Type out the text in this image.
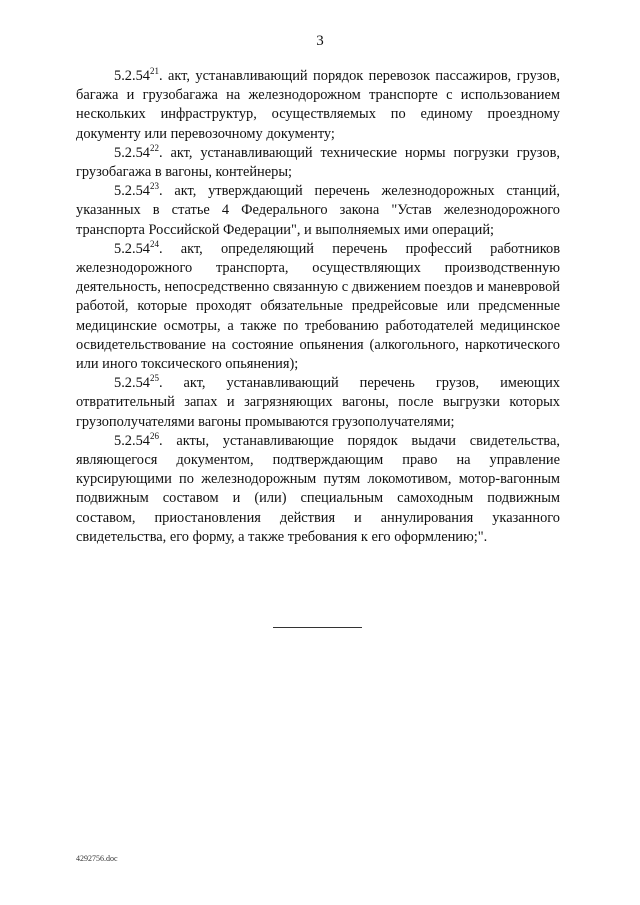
3

5.2.54$^{21}$. акт, устанавливающий порядок перевозок пассажиров, грузов, багажа и грузобагажа на железнодорожном транспорте с использованием нескольких инфраструктур, осуществляемых по единому проездному документу или перевозочному документу;

5.2.54$^{22}$. акт, устанавливающий технические нормы погрузки грузов, грузобагажа в вагоны, контейнеры;

5.2.54$^{23}$. акт, утверждающий перечень железнодорожных станций, указанных в статье 4 Федерального закона "Устав железнодорожного транспорта Российской Федерации", и выполняемых ими операций;

5.2.54$^{24}$. акт, определяющий перечень профессий работников железнодорожного транспорта, осуществляющих производственную деятельность, непосредственно связанную с движением поездов и маневровой работой, которые проходят обязательные предрейсовые или предсменные медицинские осмотры, а также по требованию работодателей медицинское освидетельствование на состояние опьянения (алкогольного, наркотического или иного токсического опьянения);

5.2.54$^{25}$. акт, устанавливающий перечень грузов, имеющих отвратительный запах и загрязняющих вагоны, после выгрузки которых грузополучателями вагоны промываются грузополучателями;

5.2.54$^{26}$. акты, устанавливающие порядок выдачи свидетельства, являющегося документом, подтверждающим право на управление курсирующими по железнодорожным путям локомотивом, мотор-вагонным подвижным составом и (или) специальным самоходным подвижным составом, приостановления действия и аннулирования указанного свидетельства, его форму, а также требования к его оформлению;".

4292756.doc
